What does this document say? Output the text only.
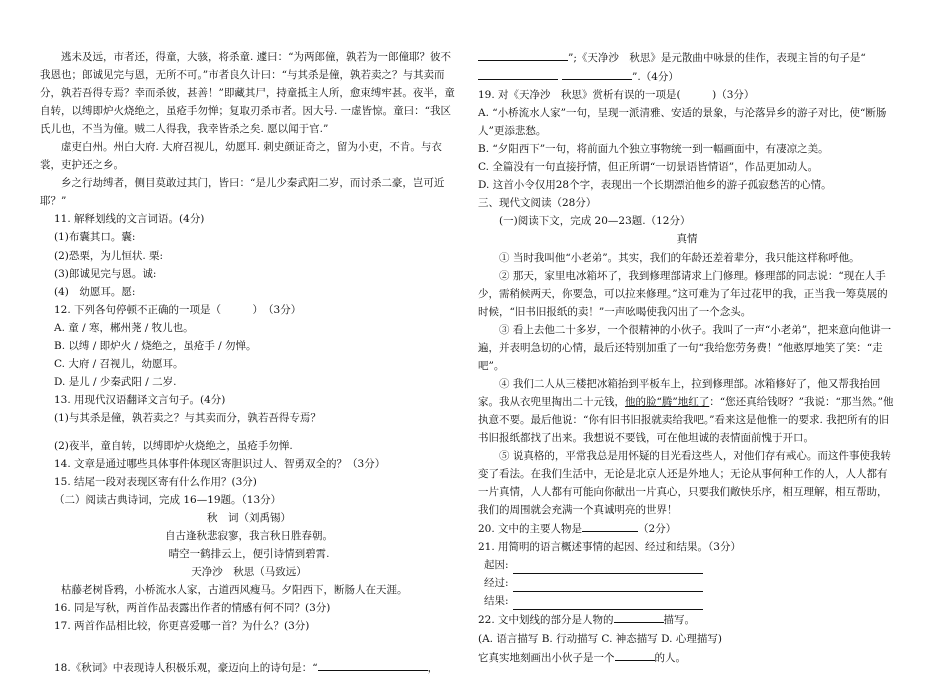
逃未及远，市者还，得童，大骇，将杀童. 遽曰：“为两郎僮，孰若为一郎僮耶？彼不我恩也；郎诚见完与恩，无所不可。”市者良久计曰：“与其杀是僮，孰若卖之？与其卖而分，孰若吾得专焉？幸而杀彼，甚善！”即藏其尸，持童抵主人所，愈束缚牢甚。夜半，童自转，以缚即炉火烧绝之，虽疮手勿惮；复取刃杀市者。因大号. 一虚皆惊。童曰：“我区氏儿也，不当为僮。贼二人得我，我幸皆杀之矣. 愿以闻于官.”

虚吏白州。州白大府. 大府召视儿，幼愿耳. 刺史颜证奇之，留为小吏，不肯。与衣裳，吏护还之乡。

乡之行劫缚者，侧目莫敢过其门，皆曰：“是儿少秦武阳二岁，而讨杀二豪，岂可近耶？”

11. 解释划线的文言词语。(4分)

(1)布囊其口。囊:

(2)恐栗，为儿恒状. 栗:

(3)郎诚见完与恩。诚:

(4)　幼愿耳。愿:

12. 下列各句停顿不正确的一项是（　　　）　（3分）

A. 童 / 寒，郴州荛 / 牧儿也。

B. 以缚 / 即炉火 / 烧绝之，虽疮手 / 勿惮。

C. 大府 / 召视儿，幼愿耳。

D. 是儿 / 少秦武阳 / 二岁.

13. 用现代汉语翻译文言句子。(4分)

(1)与其杀是僮，孰若卖之？与其卖而分，孰若吾得专焉？

(2)夜半，童自转，以缚即炉火烧绝之，虽疮手勿惮.

14. 文章是通过哪些具体事件体现区寄胆识过人、智勇双全的？（3分）

15. 结尾一段对表现区寄有什么作用？(3分)

（二）阅读古典诗词，完成 16—19题。（13分）

秋　词（刘禹锡）

自古逢秋悲寂寥，我言秋日胜春朝。

晴空一鹤排云上，便引诗情到碧霄.

天净沙　秋思（马致远）

枯藤老树昏鸦，小桥流水人家，古道西风瘦马。夕阳西下，断肠人在天涯。

16. 同是写秋，两首作品表露出作者的情感有何不同？(3分)

17. 两首作品相比较，你更喜爱哪一首？为什么？(3分)

18.《秋词》中表现诗人积极乐观，豪迈向上的诗句是：“	，

”;《天净沙　秋思》是元散曲中咏景的佳作，表现主旨的句子是“”.（4分）

19. 对《天净沙　秋思》赏析有误的一项是(　　　)（3分）

A. “小桥流水人家”一句，呈现一派清雅、安适的景象，与沦落异乡的游子对比，使“断肠人”更添悲愁。

B. “夕阳西下”一句，将前面九个独立事物统一到一幅画面中，有凄凉之美。

C. 全篇没有一句直接抒情，但正所谓“一切景语皆情语”，作品更加动人。

D. 这首小令仅用28个字，表现出一个长期漂泊他乡的游子孤寂愁苦的心情。

三、现代文阅读（28分）

(一)阅读下文，完成 20—23题.（12分）

真情

① 当时我叫他“小老弟”。其实，我们的年龄还差着辈分，我只能这样称呼他。

② 那天，家里电冰箱坏了，我到修理部请求上门修理。修理部的同志说：“现在人手少，需稍候两天，你要急，可以拉来修理。”这可难为了年过花甲的我，正当我一筹莫展的时候，“旧书旧报纸的卖！”一声吆喝使我闪出了一个念头。

③ 看上去他二十多岁，一个很精神的小伙子。我叫了一声“小老弟”，把来意向他讲一遍，并表明急切的心情，最后还特别加重了一句“我给您劳务费！”他憨厚地笑了笑：“走吧”。

④ 我们二人从三楼把冰箱抬到平板车上，拉到修理部。冰箱修好了，他又帮我抬回家。我从衣兜里掏出二十元钱，他的脸“腾”地红了：“您还真给钱呀？”我说：“那当然。”他执意不要。最后他说：“你有旧书旧报就卖给我吧。”看来这是他惟一的要求. 我把所有的旧书旧报纸都找了出来。我想说不要钱，可在他坦诚的表情面前愧于开口。

⑤ 说真格的，平常我总是用怀疑的目光看这些人，对他们存有戒心。而这件事使我转变了看法。在我们生活中，无论是北京人还是外地人；无论从事何种工作的人，人人都有一片真情，人人都有可能向你献出一片真心，只要我们敞快乐序，相互理解，相互帮助，我们的周围就会充满一个真诚明亮的世界！

20. 文中的主要人物是	（2分）

21. 用简明的语言概述事情的起因、经过和结果。（3分）

起因:
经过:
结果:

22. 文中划线的部分是人物的	描写。

(A. 语言描写 B. 行动描写 C. 神态描写 D. 心理描写)

它真实地刻画出小伙子是一个	的人。
